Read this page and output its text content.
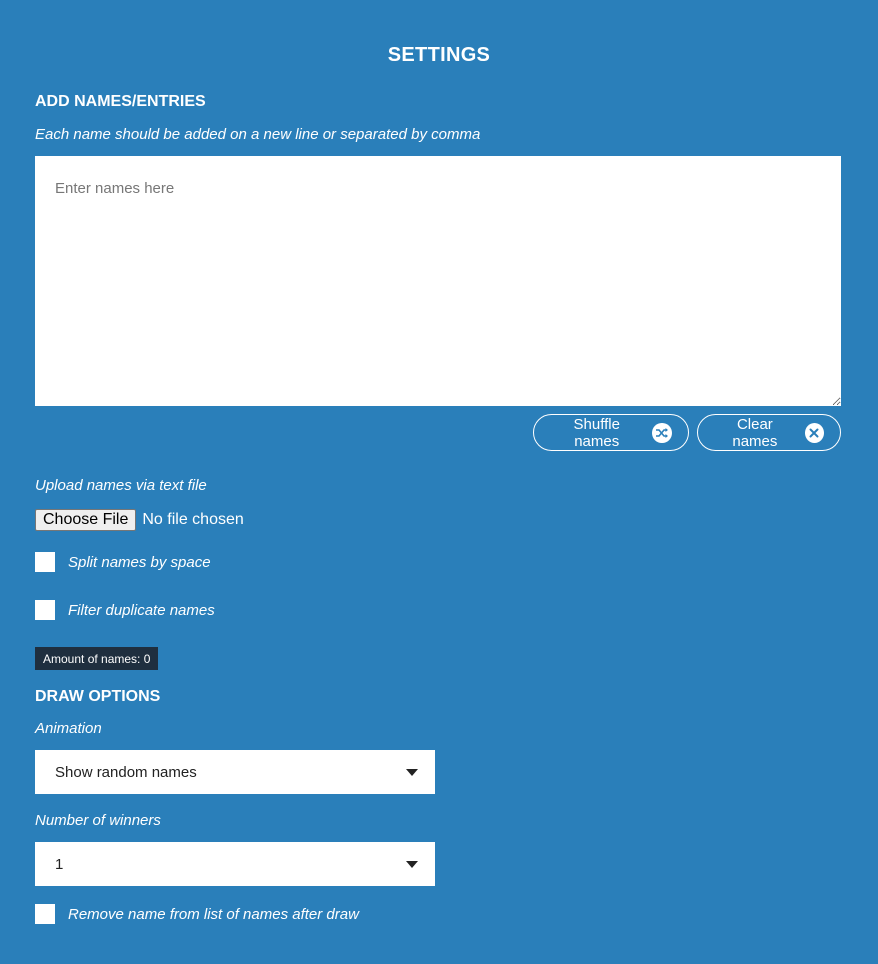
SETTINGS
ADD NAMES/ENTRIES
Each name should be added on a new line or separated by comma
Enter names here
Shuffle names
Clear names
Upload names via text file
Choose File No file chosen
Split names by space
Filter duplicate names
Amount of names: 0
DRAW OPTIONS
Animation
Show random names
Number of winners
1
Remove name from list of names after draw
